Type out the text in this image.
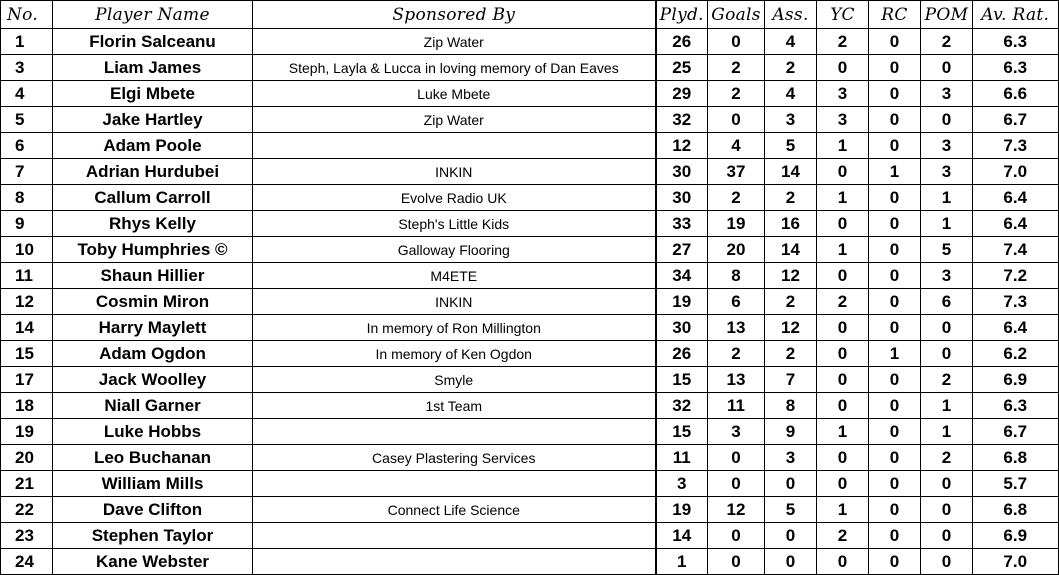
No.	Player Name	Sponsored By	Plyd.	Goals	Ass.	YC	RC	POM	Av. Rat.
1	Florin Salceanu	Zip Water	26	0	4	2	0	2	6.3
3	Liam James	Steph, Layla & Lucca in loving memory of Dan Eaves	25	2	2	0	0	0	6.3
4	Elgi Mbete	Luke Mbete	29	2	4	3	0	3	6.6
5	Jake Hartley	Zip Water	32	0	3	3	0	0	6.7
6	Adam Poole		12	4	5	1	0	3	7.3
7	Adrian Hurdubei	INKIN	30	37	14	0	1	3	7.0
8	Callum Carroll	Evolve Radio UK	30	2	2	1	0	1	6.4
9	Rhys Kelly	Steph's Little Kids	33	19	16	0	0	1	6.4
10	Toby Humphries ©	Galloway Flooring	27	20	14	1	0	5	7.4
11	Shaun Hillier	M4ETE	34	8	12	0	0	3	7.2
12	Cosmin Miron	INKIN	19	6	2	2	0	6	7.3
14	Harry Maylett	In memory of Ron Millington	30	13	12	0	0	0	6.4
15	Adam Ogdon	In memory of Ken Ogdon	26	2	2	0	1	0	6.2
17	Jack Woolley	Smyle	15	13	7	0	0	2	6.9
18	Niall Garner	1st Team	32	11	8	0	0	1	6.3
19	Luke Hobbs		15	3	9	1	0	1	6.7
20	Leo Buchanan	Casey Plastering Services	11	0	3	0	0	2	6.8
21	William Mills		3	0	0	0	0	0	5.7
22	Dave Clifton	Connect Life Science	19	12	5	1	0	0	6.8
23	Stephen Taylor		14	0	0	2	0	0	6.9
24	Kane Webster		1	0	0	0	0	0	7.0
